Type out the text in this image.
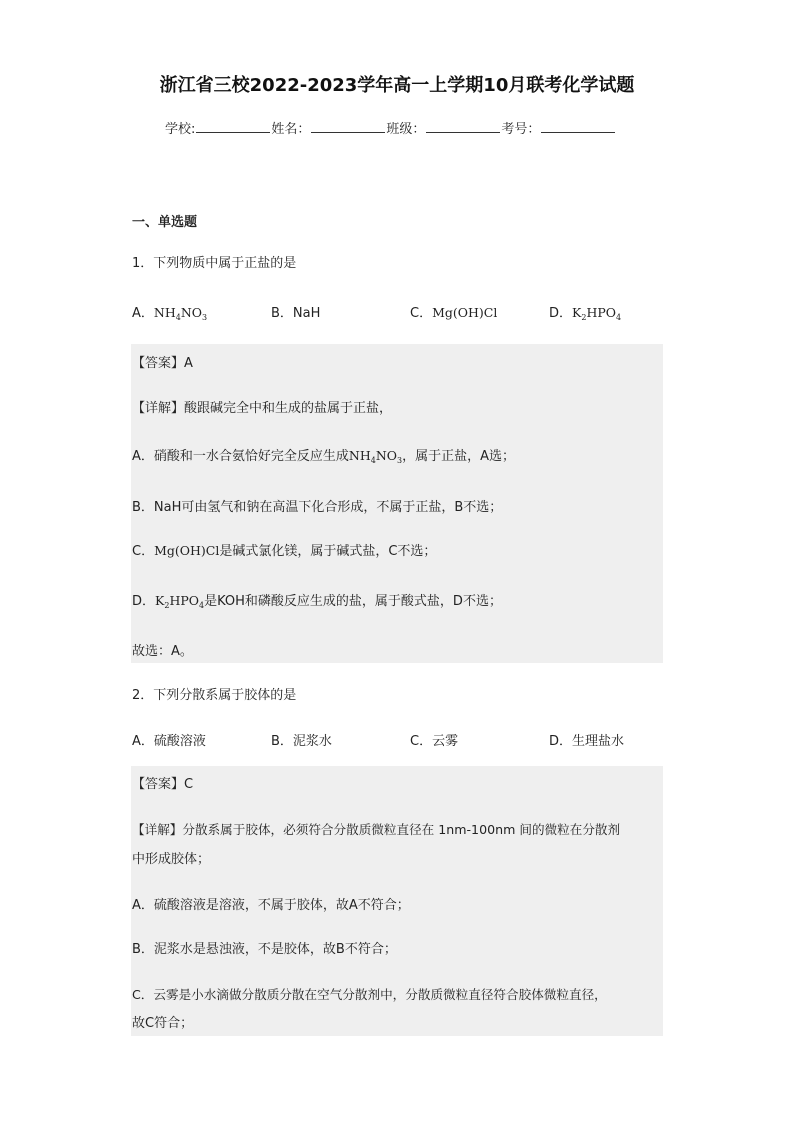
浙江省三校2022-2023学年高一上学期10月联考化学试题
学校:	姓名：	班级：	考号：
一、单选题
1．下列物质中属于正盐的是
A．$NH_4NO_3$	B．NaH	C．Mg(OH)Cl	D．$K_2HPO_4$
【答案】A
【详解】酸跟碱完全中和生成的盐属于正盐，
A．硝酸和一水合氨恰好完全反应生成$NH_4NO_3$，属于正盐，A选；
B．NaH可由氢气和钠在高温下化合形成，不属于正盐，B不选；
C．Mg(OH)Cl是碱式氯化镁，属于碱式盐，C不选；
D．$K_2HPO_4$是KOH和磷酸反应生成的盐，属于酸式盐，D不选；
故选：A。
2．下列分散系属于胶体的是
A．硫酸溶液	B．泥浆水	C．云雾	D．生理盐水
【答案】C
【详解】分散系属于胶体，必须符合分散质微粒直径在 1nm-100nm 间的微粒在分散剂
中形成胶体；
A．硫酸溶液是溶液，不属于胶体，故A不符合；
B．泥浆水是悬浊液，不是胶体，故B不符合；
C．云雾是小水滴做分散质分散在空气分散剂中，分散质微粒直径符合胶体微粒直径，
故C符合；
